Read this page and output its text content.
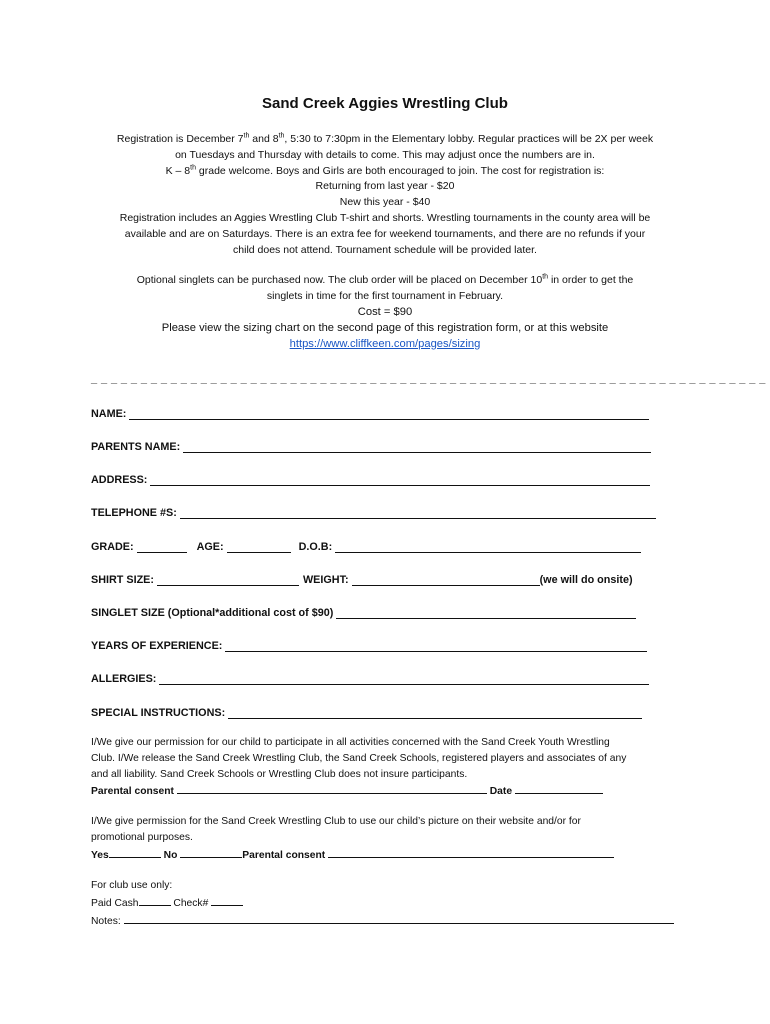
Sand Creek Aggies Wrestling Club

Registration is December 7th and 8th, 5:30 to 7:30pm in the Elementary lobby. Regular practices will be 2X per week

on Tuesdays and Thursday with details to come. This may adjust once the numbers are in.

K – 8th grade welcome. Boys and Girls are both encouraged to join. The cost for registration is:

Returning from last year - $20

New this year - $40

Registration includes an Aggies Wrestling Club T-shirt and shorts. Wrestling tournaments in the county area will be

available and are on Saturdays. There is an extra fee for weekend tournaments, and there are no refunds if your

child does not attend. Tournament schedule will be provided later.

Optional singlets can be purchased now. The club order will be placed on December 10th in order to get the

singlets in time for the first tournament in February.

Cost = $90

Please view the sizing chart on the second page of this registration form, or at this website

https://www.cliffkeen.com/pages/sizing

_ _ _ _ _ _ _ _ _ _ _ _ _ _ _ _ _ _ _ _ _ _ _ _ _ _ _ _ _ _ _ _ _ _ _ _ _ _ _ _ _ _ _ _ _ _ _ _ _ _ _ _ _ _ _ _ _ _ _ _ _ _ _ _ _ _ _ _
NAME:
PARENTS NAME:
ADDRESS:
TELEPHONE #S:
GRADE:	AGE:	D.O.B:
SHIRT SIZE:	WEIGHT:	(we will do onsite)
SINGLET SIZE (Optional*additional cost of $90)
YEARS OF EXPERIENCE:
ALLERGIES:
SPECIAL INSTRUCTIONS:

I/We give our permission for our child to participate in all activities concerned with the Sand Creek Youth Wrestling

Club. I/We release the Sand Creek Wrestling Club, the Sand Creek Schools, registered players and associates of any

and all liability. Sand Creek Schools or Wrestling Club does not insure participants.

Parental consent	Date

I/We give permission for the Sand Creek Wrestling Club to use our child’s picture on their website and/or for

promotional purposes.

Yes	No	Parental consent

For club use only:

Paid Cash	Check#

Notes:
